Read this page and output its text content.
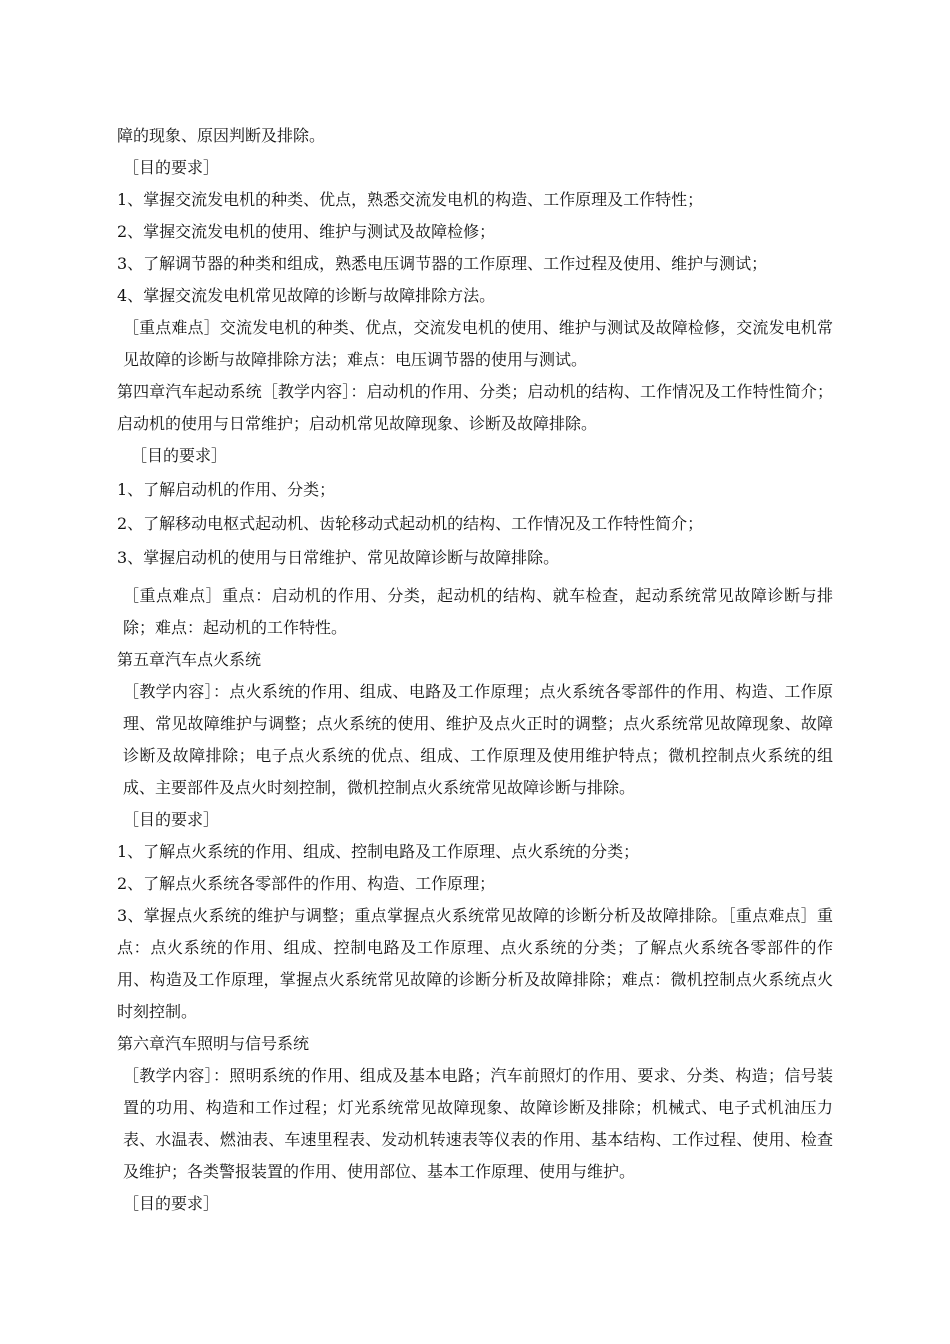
障的现象、原因判断及排除。

［目的要求］

1、掌握交流发电机的种类、优点，熟悉交流发电机的构造、工作原理及工作特性；

2、掌握交流发电机的使用、维护与测试及故障检修；

3、了解调节器的种类和组成，熟悉电压调节器的工作原理、工作过程及使用、维护与测试；

4、掌握交流发电机常见故障的诊断与故障排除方法。

［重点难点］交流发电机的种类、优点，交流发电机的使用、维护与测试及故障检修，交流发电机常见故障的诊断与故障排除方法；难点：电压调节器的使用与测试。

第四章汽车起动系统［教学内容］：启动机的作用、分类；启动机的结构、工作情况及工作特性简介；启动机的使用与日常维护；启动机常见故障现象、诊断及故障排除。

［目的要求］

1、了解启动机的作用、分类；

2、了解移动电枢式起动机、齿轮移动式起动机的结构、工作情况及工作特性简介；

3、掌握启动机的使用与日常维护、常见故障诊断与故障排除。

［重点难点］重点：启动机的作用、分类，起动机的结构、就车检查，起动系统常见故障诊断与排除；难点：起动机的工作特性。

第五章汽车点火系统

［教学内容］：点火系统的作用、组成、电路及工作原理；点火系统各零部件的作用、构造、工作原理、常见故障维护与调整；点火系统的使用、维护及点火正时的调整；点火系统常见故障现象、故障诊断及故障排除；电子点火系统的优点、组成、工作原理及使用维护特点；微机控制点火系统的组成、主要部件及点火时刻控制，微机控制点火系统常见故障诊断与排除。

［目的要求］

1、了解点火系统的作用、组成、控制电路及工作原理、点火系统的分类；

2、了解点火系统各零部件的作用、构造、工作原理；

3、掌握点火系统的维护与调整；重点掌握点火系统常见故障的诊断分析及故障排除。［重点难点］重点：点火系统的作用、组成、控制电路及工作原理、点火系统的分类；了解点火系统各零部件的作用、构造及工作原理，掌握点火系统常见故障的诊断分析及故障排除；难点：微机控制点火系统点火时刻控制。

第六章汽车照明与信号系统

［教学内容］：照明系统的作用、组成及基本电路；汽车前照灯的作用、要求、分类、构造；信号装置的功用、构造和工作过程；灯光系统常见故障现象、故障诊断及排除；机械式、电子式机油压力表、水温表、燃油表、车速里程表、发动机转速表等仪表的作用、基本结构、工作过程、使用、检查及维护；各类警报装置的作用、使用部位、基本工作原理、使用与维护。

［目的要求］
